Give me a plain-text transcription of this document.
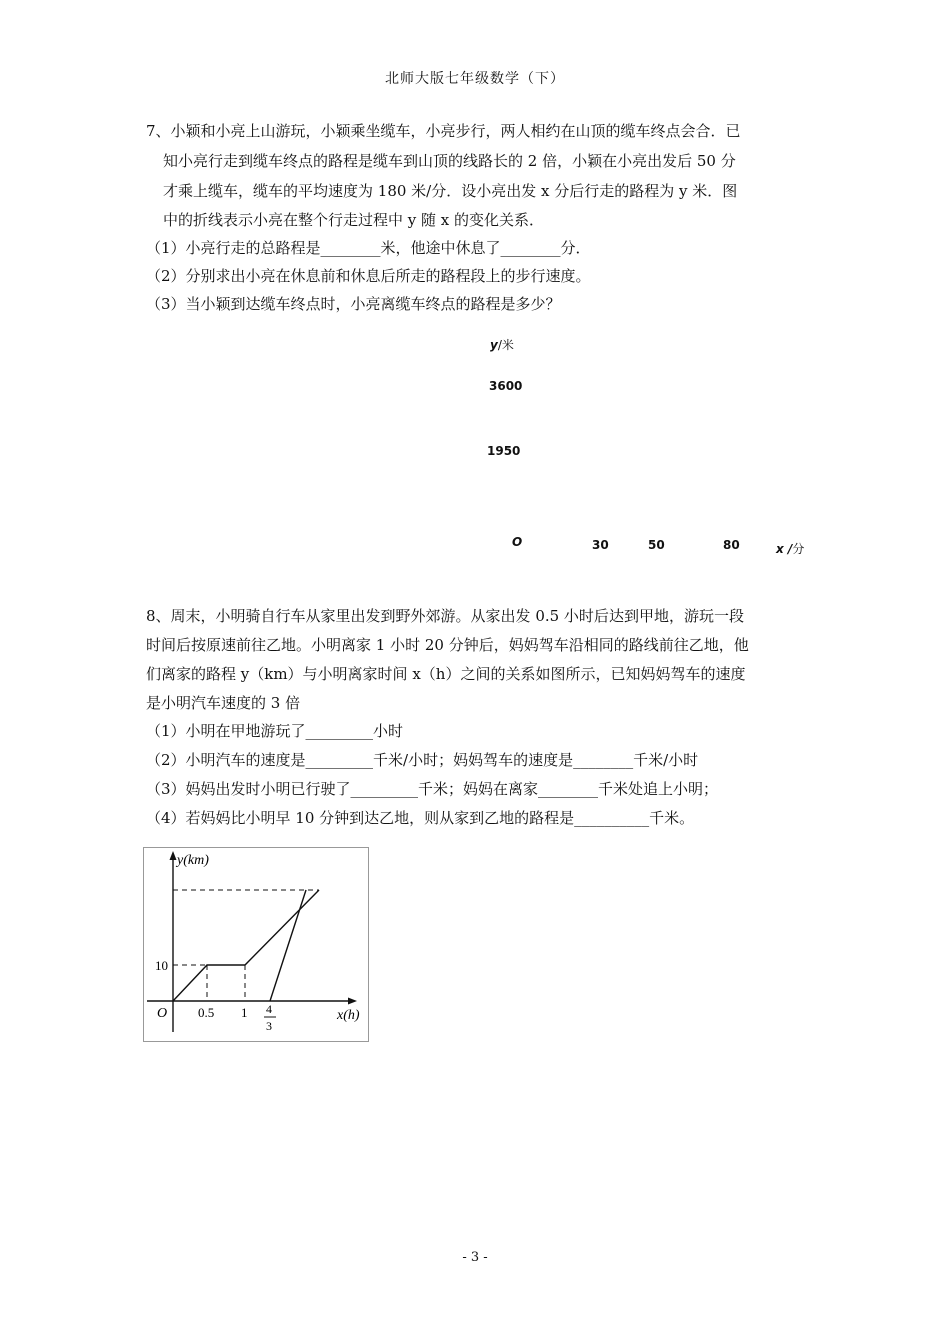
北师大版七年级数学（下）
7、小颖和小亮上山游玩，小颖乘坐缆车，小亮步行，两人相约在山顶的缆车终点会合．已
知小亮行走到缆车终点的路程是缆车到山顶的线路长的 2 倍，小颖在小亮出发后 50 分
才乘上缆车，缆车的平均速度为 180 米/分．设小亮出发 x 分后行走的路程为 y 米．图
中的折线表示小亮在整个行走过程中 y 随 x 的变化关系．
（1）小亮行走的总路程是________米，他途中休息了________分．
（2）分别求出小亮在休息前和休息后所走的路程段上的步行速度。
（3）当小颖到达缆车终点时，小亮离缆车终点的路程是多少？
y/米
3600
1950
O	30	50	80	x /分
8、周末，小明骑自行车从家里出发到野外郊游。从家出发 0.5 小时后达到甲地，游玩一段
时间后按原速前往乙地。小明离家 1 小时 20 分钟后，妈妈驾车沿相同的路线前往乙地，他
们离家的路程 y（km）与小明离家时间 x（h）之间的关系如图所示，已知妈妈驾车的速度
是小明汽车速度的 3 倍
（1）小明在甲地游玩了_________小时
（2）小明汽车的速度是_________千米/小时；妈妈驾车的速度是________千米/小时
（3）妈妈出发时小明已行驶了_________千米；妈妈在离家________千米处追上小明；
（4）若妈妈比小明早 10 分钟到达乙地，则从家到乙地的路程是__________千米。
y(km)
10
O 0.5 1 4
3
x(h)
- 3 -
